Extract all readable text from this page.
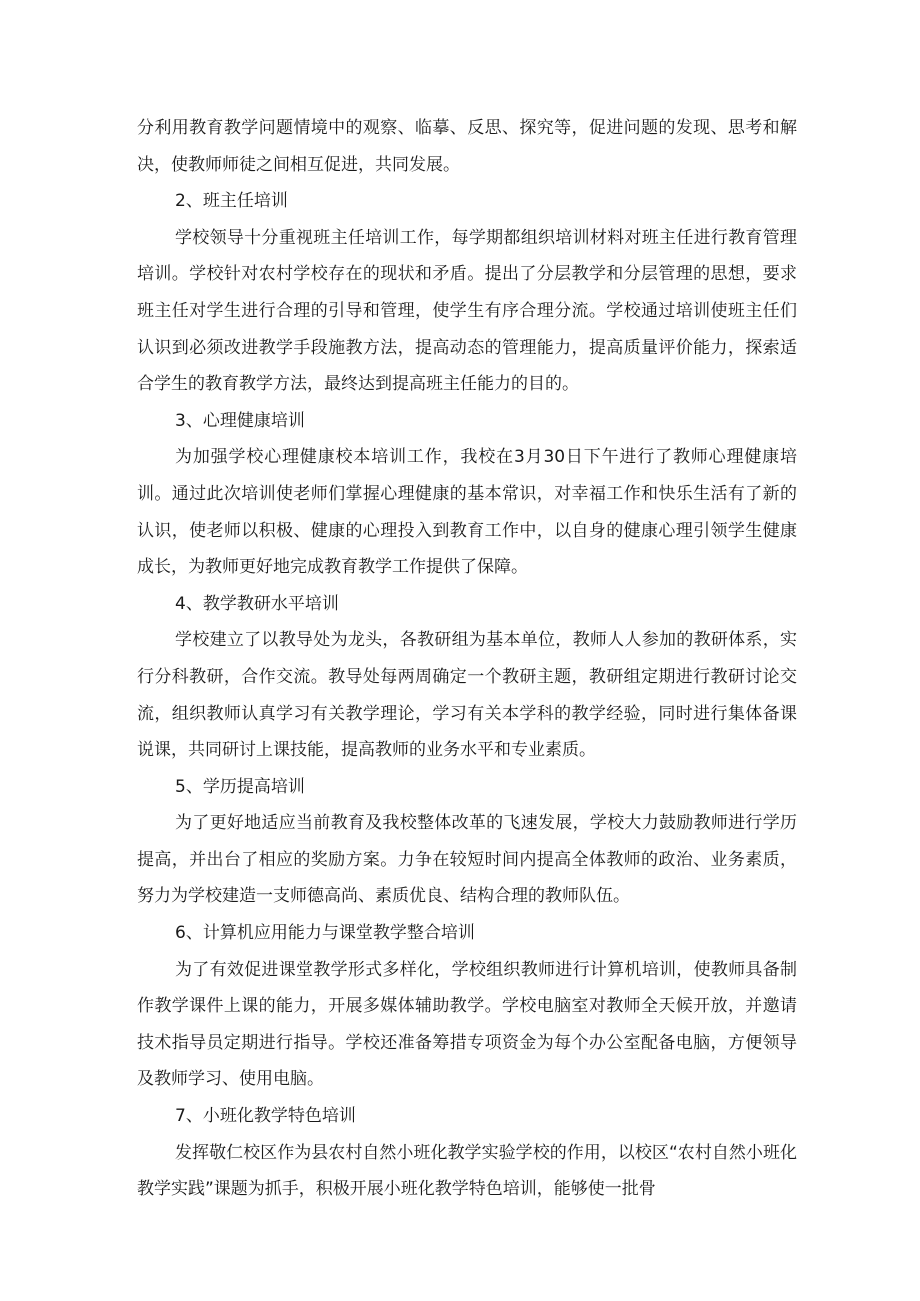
分利用教育教学问题情境中的观察、临摹、反思、探究等，促进问题的发现、思考和解决，使教师师徒之间相互促进，共同发展。

2、班主任培训

学校领导十分重视班主任培训工作，每学期都组织培训材料对班主任进行教育管理培训。学校针对农村学校存在的现状和矛盾。提出了分层教学和分层管理的思想，要求班主任对学生进行合理的引导和管理，使学生有序合理分流。学校通过培训使班主任们认识到必须改进教学手段施教方法，提高动态的管理能力，提高质量评价能力，探索适合学生的教育教学方法，最终达到提高班主任能力的目的。

3、心理健康培训

为加强学校心理健康校本培训工作，我校在3月30日下午进行了教师心理健康培训。通过此次培训使老师们掌握心理健康的基本常识，对幸福工作和快乐生活有了新的认识，使老师以积极、健康的心理投入到教育工作中，以自身的健康心理引领学生健康成长，为教师更好地完成教育教学工作提供了保障。

4、教学教研水平培训

学校建立了以教导处为龙头，各教研组为基本单位，教师人人参加的教研体系，实行分科教研，合作交流。教导处每两周确定一个教研主题，教研组定期进行教研讨论交流，组织教师认真学习有关教学理论，学习有关本学科的教学经验，同时进行集体备课说课，共同研讨上课技能，提高教师的业务水平和专业素质。

5、学历提高培训

为了更好地适应当前教育及我校整体改革的飞速发展，学校大力鼓励教师进行学历提高，并出台了相应的奖励方案。力争在较短时间内提高全体教师的政治、业务素质，努力为学校建造一支师德高尚、素质优良、结构合理的教师队伍。

6、计算机应用能力与课堂教学整合培训

为了有效促进课堂教学形式多样化，学校组织教师进行计算机培训，使教师具备制作教学课件上课的能力，开展多媒体辅助教学。学校电脑室对教师全天候开放，并邀请技术指导员定期进行指导。学校还准备筹措专项资金为每个办公室配备电脑，方便领导及教师学习、使用电脑。

7、小班化教学特色培训

发挥敬仁校区作为县农村自然小班化教学实验学校的作用，以校区“农村自然小班化教学实践”课题为抓手，积极开展小班化教学特色培训，能够使一批骨
